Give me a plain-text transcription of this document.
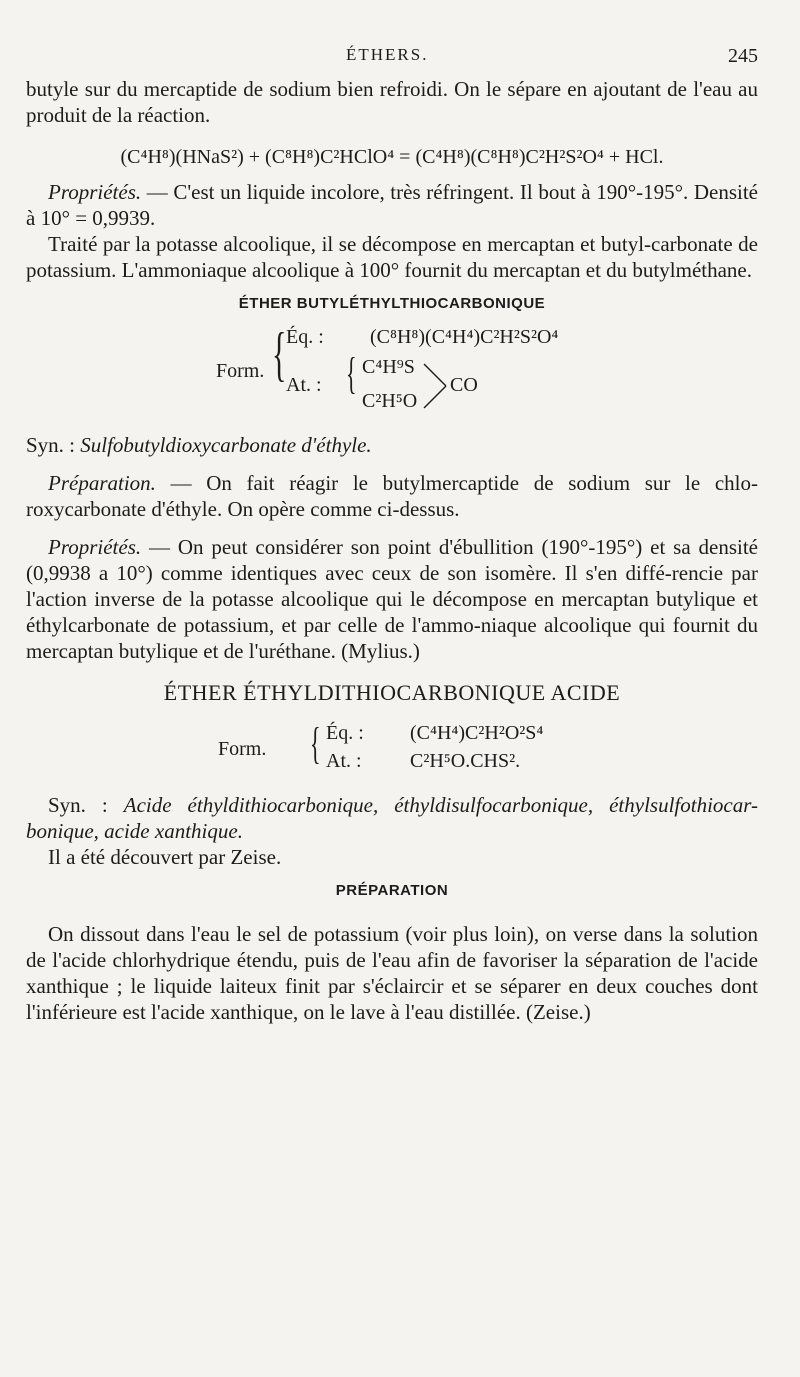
ÉTHERS.	245

butyle sur du mercaptide de sodium bien refroidi. On le sépare en ajoutant de l'eau au produit de la réaction.

(C⁴H⁸)(HNaS²) + (C⁸H⁸)C²HClO⁴ = (C⁴H⁸)(C⁸H⁸)C²H²S²O⁴ + HCl.

Propriétés. — C'est un liquide incolore, très réfringent. Il bout à 190°-195°. Densité à 10° = 0,9939.

Traité par la potasse alcoolique, il se décompose en mercaptan et butyl-carbonate de potassium. L'ammoniaque alcoolique à 100° fournit du mercaptan et du butylméthane.

ÉTHER BUTYLÉTHYLTHIOCARBONIQUE
Form. { Éq. : (C⁸H⁸)(C⁴H⁴)C²H²S²O⁴
At. : { C⁴H⁹S
C²H⁵O
CO

Syn. : Sulfobutyldioxycarbonate d'éthyle.

Préparation. — On fait réagir le butylmercaptide de sodium sur le chlo-roxycarbonate d'éthyle. On opère comme ci-dessus.

Propriétés. — On peut considérer son point d'ébullition (190°-195°) et sa densité (0,9938 a 10°) comme identiques avec ceux de son isomère. Il s'en diffé-rencie par l'action inverse de la potasse alcoolique qui le décompose en mercaptan butylique et éthylcarbonate de potassium, et par celle de l'ammo-niaque alcoolique qui fournit du mercaptan butylique et de l'uréthane. (Mylius.)

ÉTHER ÉTHYLDITHIOCARBONIQUE ACIDE
Form. { Éq. : (C⁴H⁴)C²H²O²S⁴
At. : C²H⁵O.CHS².

Syn. : Acide éthyldithiocarbonique, éthyldisulfocarbonique, éthylsulfothiocar-bonique, acide xanthique.

Il a été découvert par Zeise.

PRÉPARATION

On dissout dans l'eau le sel de potassium (voir plus loin), on verse dans la solution de l'acide chlorhydrique étendu, puis de l'eau afin de favoriser la séparation de l'acide xanthique ; le liquide laiteux finit par s'éclaircir et se séparer en deux couches dont l'inférieure est l'acide xanthique, on le lave à l'eau distillée. (Zeise.)
